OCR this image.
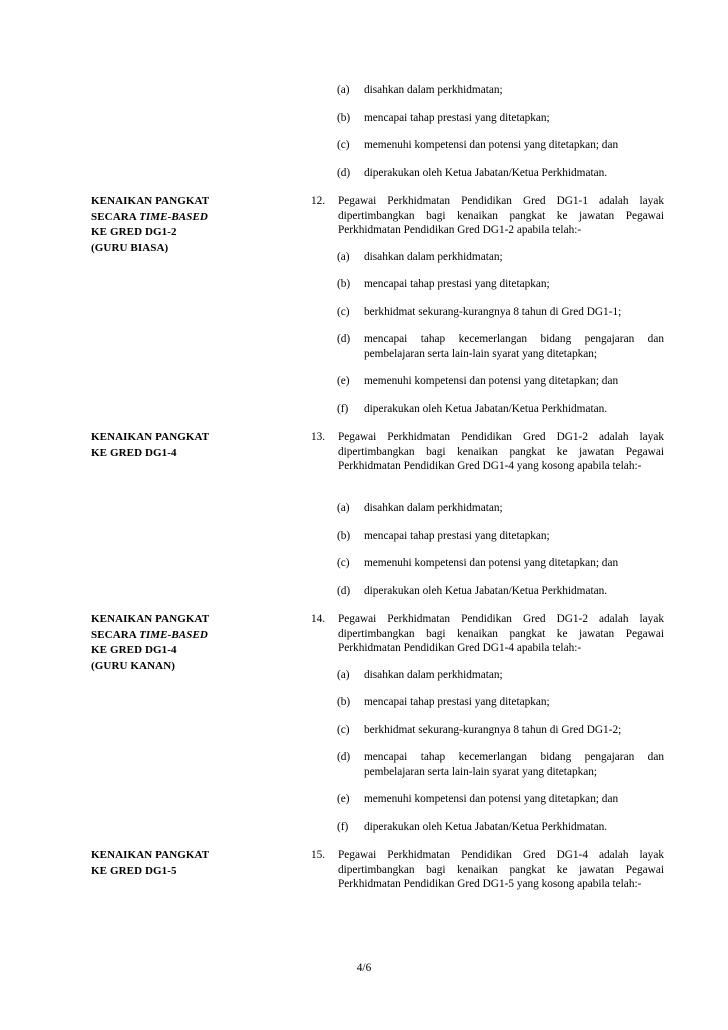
(a) disahkan dalam perkhidmatan;
(b) mencapai tahap prestasi yang ditetapkan;
(c) memenuhi kompetensi dan potensi yang ditetapkan; dan
(d) diperakukan oleh Ketua Jabatan/Ketua Perkhidmatan.
KENAIKAN PANGKAT
SECARA TIME-BASED
KE GRED DG1-2
(GURU BIASA)
12. Pegawai Perkhidmatan Pendidikan Gred DG1-1 adalah layak dipertimbangkan bagi kenaikan pangkat ke jawatan Pegawai Perkhidmatan Pendidikan Gred DG1-2 apabila telah:-
(a) disahkan dalam perkhidmatan;
(b) mencapai tahap prestasi yang ditetapkan;
(c) berkhidmat sekurang-kurangnya 8 tahun di Gred DG1-1;
(d) mencapai tahap kecemerlangan bidang pengajaran dan pembelajaran serta lain-lain syarat yang ditetapkan;
(e) memenuhi kompetensi dan potensi yang ditetapkan; dan
(f) diperakukan oleh Ketua Jabatan/Ketua Perkhidmatan.
KENAIKAN PANGKAT
KE GRED DG1-4
13. Pegawai Perkhidmatan Pendidikan Gred DG1-2 adalah layak dipertimbangkan bagi kenaikan pangkat ke jawatan Pegawai Perkhidmatan Pendidikan Gred DG1-4 yang kosong apabila telah:-
(a) disahkan dalam perkhidmatan;
(b) mencapai tahap prestasi yang ditetapkan;
(c) memenuhi kompetensi dan potensi yang ditetapkan; dan
(d) diperakukan oleh Ketua Jabatan/Ketua Perkhidmatan.
KENAIKAN PANGKAT
SECARA TIME-BASED
KE GRED DG1-4
(GURU KANAN)
14. Pegawai Perkhidmatan Pendidikan Gred DG1-2 adalah layak dipertimbangkan bagi kenaikan pangkat ke jawatan Pegawai Perkhidmatan Pendidikan Gred DG1-4 apabila telah:-
(a) disahkan dalam perkhidmatan;
(b) mencapai tahap prestasi yang ditetapkan;
(c) berkhidmat sekurang-kurangnya 8 tahun di Gred DG1-2;
(d) mencapai tahap kecemerlangan bidang pengajaran dan pembelajaran serta lain-lain syarat yang ditetapkan;
(e) memenuhi kompetensi dan potensi yang ditetapkan; dan
(f) diperakukan oleh Ketua Jabatan/Ketua Perkhidmatan.
KENAIKAN PANGKAT
KE GRED DG1-5
15. Pegawai Perkhidmatan Pendidikan Gred DG1-4 adalah layak dipertimbangkan bagi kenaikan pangkat ke jawatan Pegawai Perkhidmatan Pendidikan Gred DG1-5 yang kosong apabila telah:-
4/6
